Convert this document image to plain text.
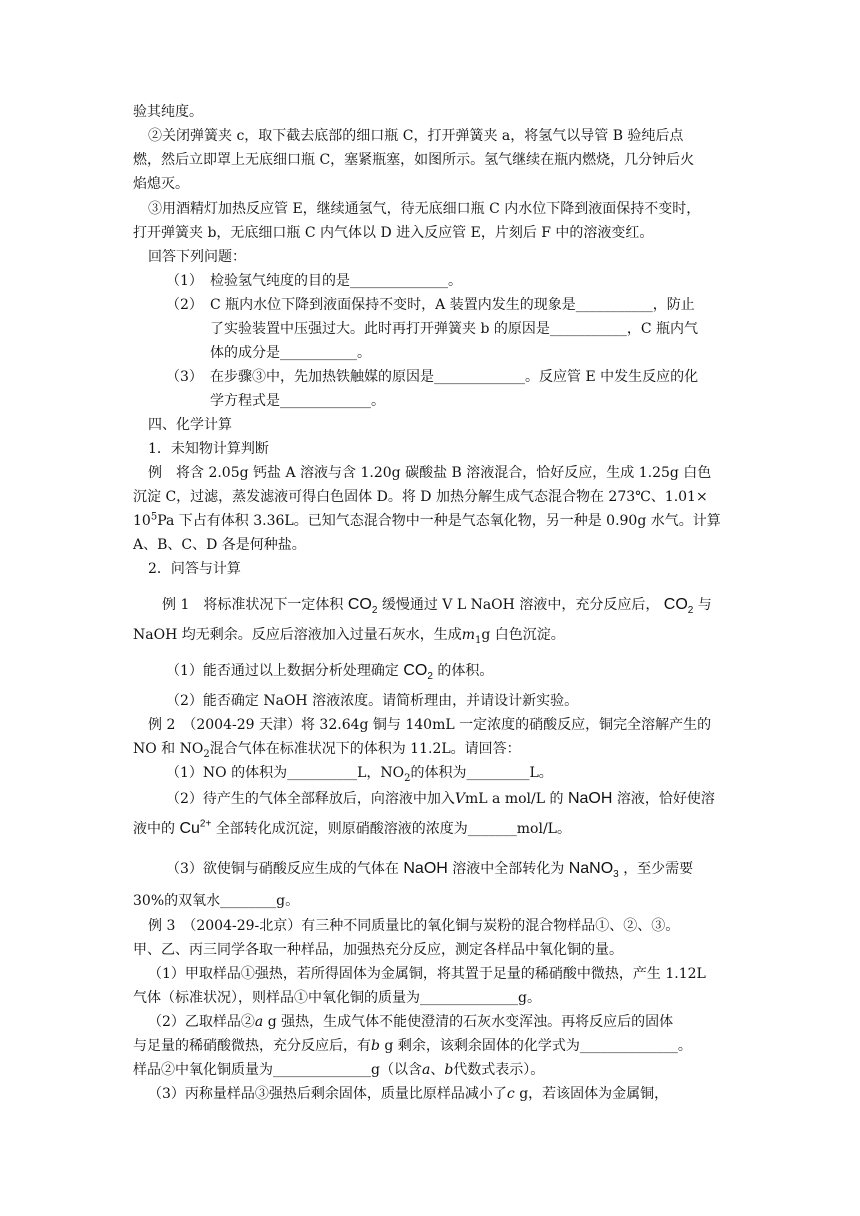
验其纯度。
②关闭弹簧夹 c，取下截去底部的细口瓶 C，打开弹簧夹 a，将氢气以导管 B 验纯后点
燃，然后立即罩上无底细口瓶 C，塞紧瓶塞，如图所示。氢气继续在瓶内燃烧，几分钟后火
焰熄灭。
③用酒精灯加热反应管 E，继续通氢气，待无底细口瓶 C 内水位下降到液面保持不变时，
打开弹簧夹 b，无底细口瓶 C 内气体以 D 进入反应管 E，片刻后 F 中的溶液变红。
回答下列问题：
（1） 检验氢气纯度的目的是______________。
（2） C 瓶内水位下降到液面保持不变时，A 装置内发生的现象是___________，防止
了实验装置中压强过大。此时再打开弹簧夹 b 的原因是___________，C 瓶内气
体的成分是___________。
（3） 在步骤③中，先加热铁触媒的原因是_____________。反应管 E 中发生反应的化
学方程式是_____________。
四、化学计算
1．未知物计算判断
例　将含 2.05g 钙盐 A 溶液与含 1.20g 碳酸盐 B 溶液混合，恰好反应，生成 1.25g 白色
沉淀 C，过滤，蒸发滤液可得白色固体 D。将 D 加热分解生成气态混合物在 273℃、1.01×
$10^5Pa$ 下占有体积 3.36L。已知气态混合物中一种是气态氧化物，另一种是 0.90g 水气。计算
A、B、C、D 各是何种盐。
2．问答与计算
例 1　将标准状况下一定体积 $CO_2$ 缓慢通过 V L NaOH 溶液中，充分反应后， $CO_2$ 与
NaOH 均无剩余。反应后溶液加入过量石灰水，生成$m_1g$ 白色沉淀。
（1）能否通过以上数据分析处理确定 $CO_2$ 的体积。
（2）能否确定 NaOH 溶液浓度。请简析理由，并请设计新实验。
例 2　（2004-29 天津）将 32.64g 铜与 140mL 一定浓度的硝酸反应，铜完全溶解产生的
NO 和 $NO_2$混合气体在标准状况下的体积为 11.2L。请回答：
（1）NO 的体积为__________L，$NO_2$的体积为_________L。
（2）待产生的气体全部释放后，向溶液中加入VmL a mol/L 的 NaOH 溶液，恰好使溶
液中的 $Cu^{2+}$ 全部转化成沉淀，则原硝酸溶液的浓度为_______mol/L。
（3）欲使铜与硝酸反应生成的气体在 NaOH 溶液中全部转化为 NaNO$_3$ ，至少需要
30%的双氧水________g。
例 3　（2004-29-北京）有三种不同质量比的氧化铜与炭粉的混合物样品①、②、③。
甲、乙、丙三同学各取一种样品，加强热充分反应，测定各样品中氧化铜的量。
（1）甲取样品①强热，若所得固体为金属铜，将其置于足量的稀硝酸中微热，产生 1.12L
气体（标准状况），则样品①中氧化铜的质量为______________g。
（2）乙取样品②a g 强热，生成气体不能使澄清的石灰水变浑浊。再将反应后的固体
与足量的稀硝酸微热，充分反应后，有b g 剩余，该剩余固体的化学式为______________。
样品②中氧化铜质量为______________g（以含a、b代数式表示）。
（3）丙称量样品③强热后剩余固体，质量比原样品减小了c g，若该固体为金属铜，
